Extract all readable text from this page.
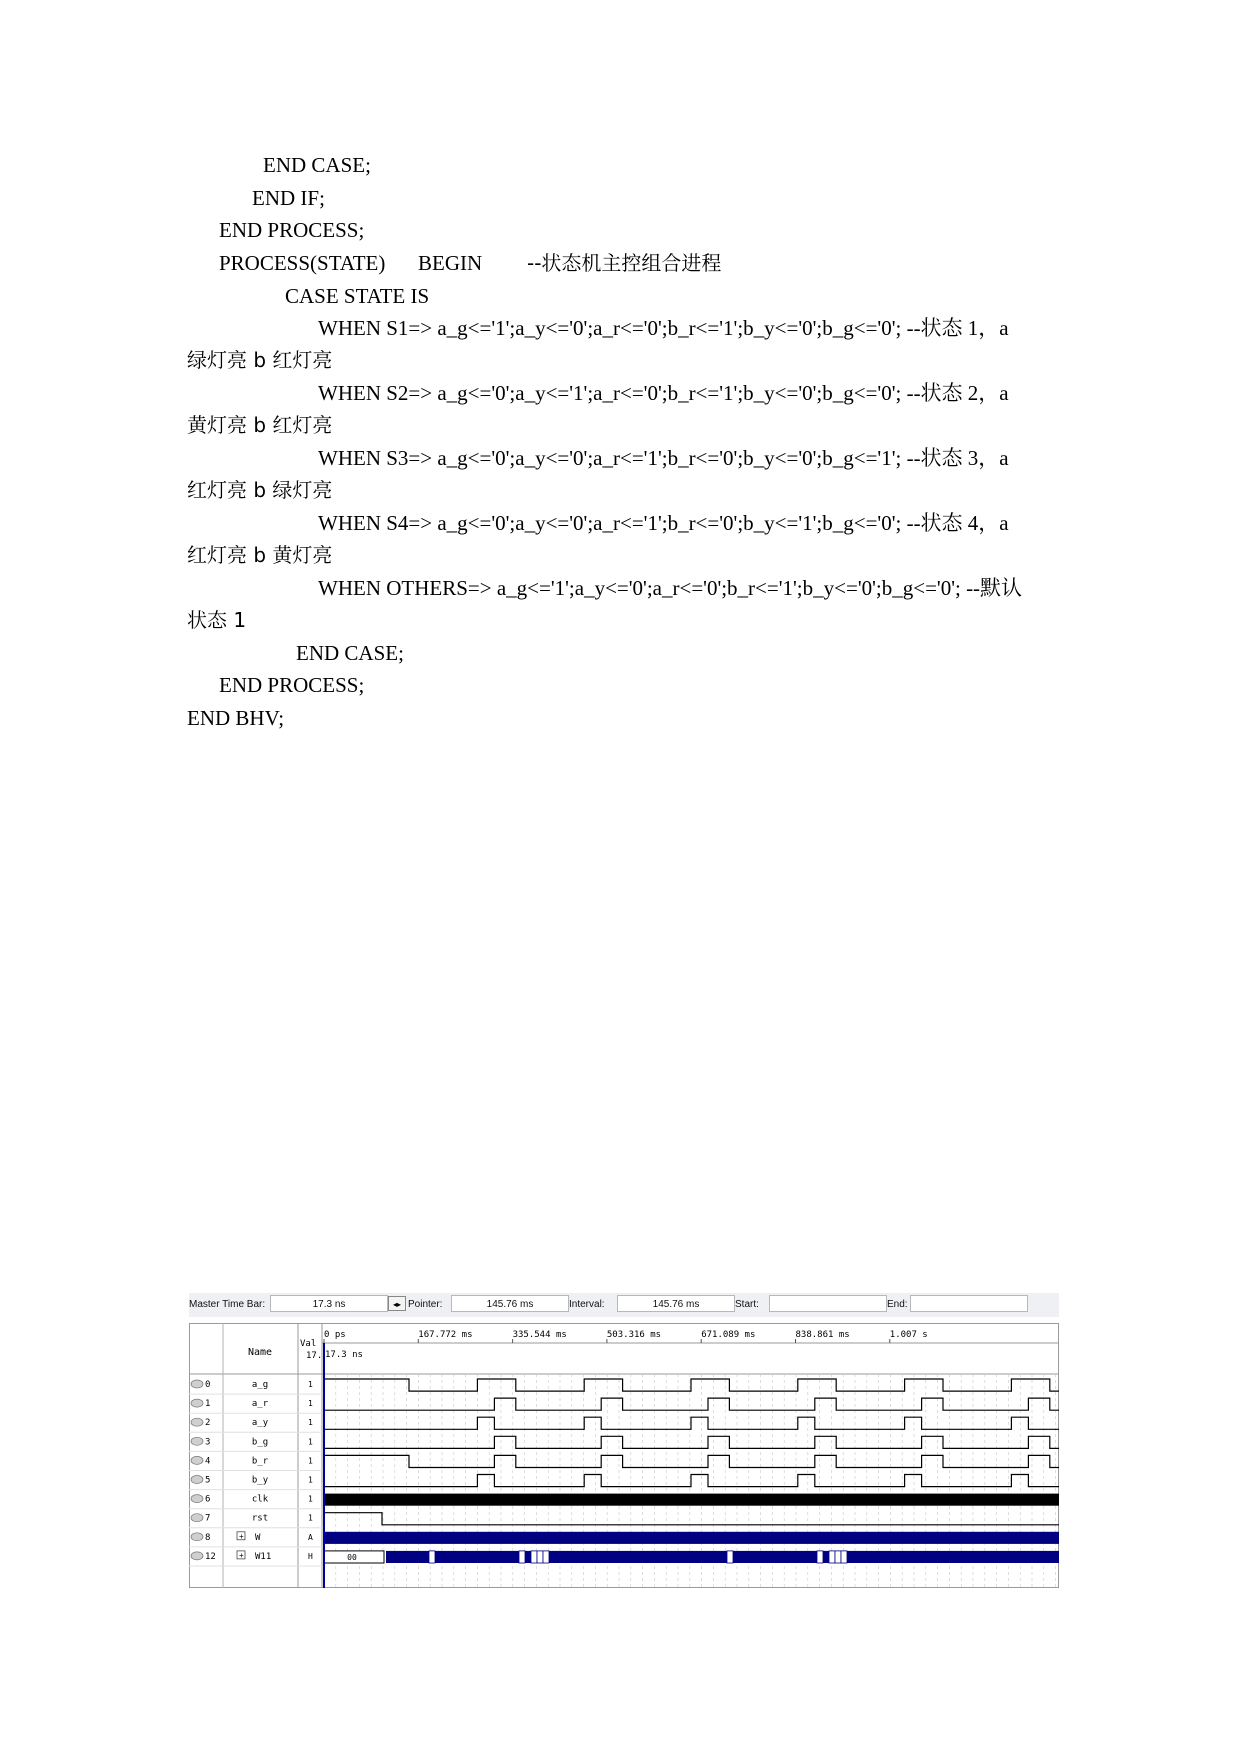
END CASE;
END IF;
END PROCESS;
PROCESS(STATE) BEGIN --状态机主控组合进程
CASE STATE IS
WHEN S1=> a_g<='1';a_y<='0';a_r<='0';b_r<='1';b_y<='0';b_g<='0'; --状态 1，a
绿灯亮 b 红灯亮
WHEN S2=> a_g<='0';a_y<='1';a_r<='0';b_r<='1';b_y<='0';b_g<='0'; --状态 2，a
黄灯亮 b 红灯亮
WHEN S3=> a_g<='0';a_y<='0';a_r<='1';b_r<='0';b_y<='0';b_g<='1'; --状态 3，a
红灯亮 b 绿灯亮
WHEN S4=> a_g<='0';a_y<='0';a_r<='1';b_r<='0';b_y<='1';b_g<='0'; --状态 4，a
红灯亮 b 黄灯亮
WHEN OTHERS=> a_g<='1';a_y<='0';a_r<='0';b_r<='1';b_y<='0';b_g<='0'; --默认
状态 1
END CASE;
END PROCESS;
END BHV;
Master Time Bar:	17.3 ns	◂▸ Pointer:	145.76 ms	Interval:	145.76 ms	Start:	End:
Name
Val
17. 17.3 ns
0 ps	167.772 ms	335.544 ms	503.316 ms	671.089 ms	838.861 ms	1.007 s
0	a_g	1
1	a_r	1
2	a_y	1
3	b_g	1
4	b_r	1
5	b_y	1
6	clk	1
7	rst	1
8	+ W	A
12	+ W11	H	00
